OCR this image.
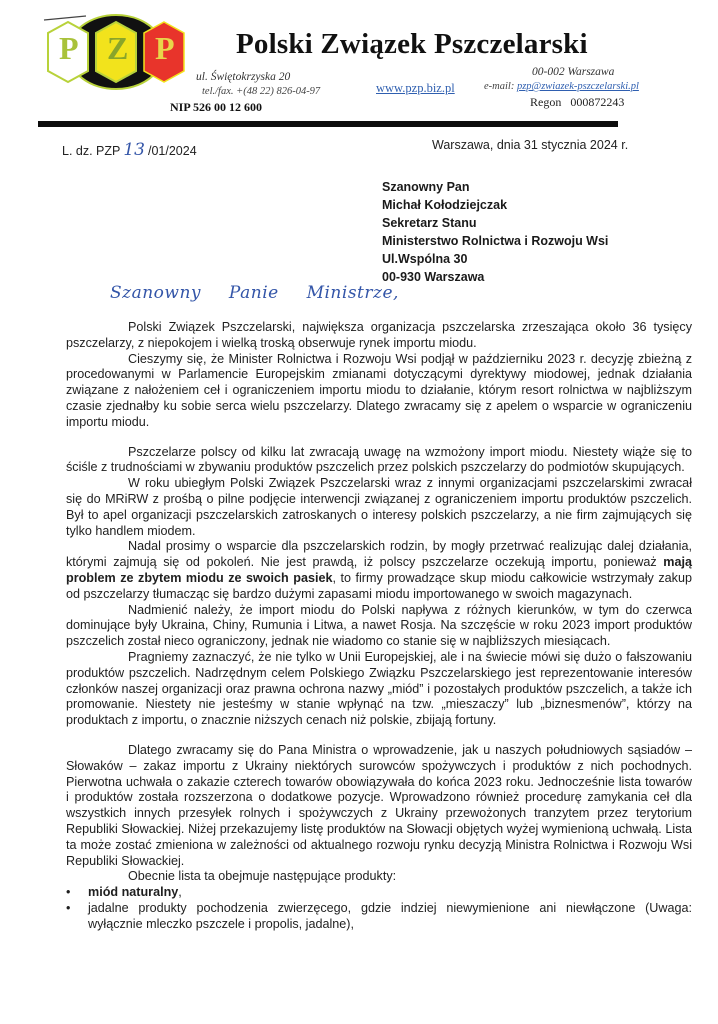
P Z P Polski Związek Pszczelarski
ul. Świętokrzyska 20
tel./fax. +(48 22) 826-04-97
NIP 526 00 12 600
www.pzp.biz.pl
00-002 Warszawa
e-mail: pzp@zwiazek-pszczelarski.pl
Regon   000872243
L. dz. PZP 13 /01/2024	Warszawa, dnia 31 stycznia 2024 r.
Szanowny Pan
Michał Kołodziejczak
Sekretarz Stanu
Ministerstwo Rolnictwa i Rozwoju Wsi
Ul.Wspólna 30
00-930 Warszawa
Szanowny Panie Ministrze,

Polski Związek Pszczelarski, największa organizacja pszczelarska zrzeszająca około 36 tysięcy pszczelarzy, z niepokojem i wielką troską obserwuje rynek importu miodu.

Cieszymy się, że Minister Rolnictwa i Rozwoju Wsi podjął w październiku 2023 r. decyzję zbieżną z procedowanymi w Parlamencie Europejskim zmianami dotyczącymi dyrektywy miodowej, jednak działania związane z nałożeniem ceł i ograniczeniem importu miodu to działanie, którym resort rolnictwa w najbliższym czasie zjednałby ku sobie serca wielu pszczelarzy. Dlatego zwracamy się z apelem o wsparcie w ograniczeniu importu miodu.

Pszczelarze polscy od kilku lat zwracają uwagę na wzmożony import miodu. Niestety wiąże się to ściśle z trudnościami w zbywaniu produktów pszczelich przez polskich pszczelarzy do podmiotów skupujących.

W roku ubiegłym Polski Związek Pszczelarski wraz z innymi organizacjami pszczelarskimi zwracał się do MRiRW z prośbą o pilne podjęcie interwencji związanej z ograniczeniem importu produktów pszczelich. Był to apel organizacji pszczelarskich zatroskanych o interesy polskich pszczelarzy, a nie firm zajmujących się tylko handlem miodem.

Nadal prosimy o wsparcie dla pszczelarskich rodzin, by mogły przetrwać realizując dalej działania, którymi zajmują się od pokoleń. Nie jest prawdą, iż polscy pszczelarze oczekują importu, ponieważ mają problem ze zbytem miodu ze swoich pasiek, to firmy prowadzące skup miodu całkowicie wstrzymały zakup od pszczelarzy tłumacząc się bardzo dużymi zapasami miodu importowanego w swoich magazynach.

Nadmienić należy, że import miodu do Polski napływa z różnych kierunków, w tym do czerwca dominujące były Ukraina, Chiny, Rumunia i Litwa, a nawet Rosja. Na szczęście w roku 2023 import produktów pszczelich został nieco ograniczony, jednak nie wiadomo co stanie się w najbliższych miesiącach.

Pragniemy zaznaczyć, że nie tylko w Unii Europejskiej, ale i na świecie mówi się dużo o fałszowaniu produktów pszczelich. Nadrzędnym celem Polskiego Związku Pszczelarskiego jest reprezentowanie interesów członków naszej organizacji oraz prawna ochrona nazwy „miód” i pozostałych produktów pszczelich, a także ich promowanie. Niestety nie jesteśmy w stanie wpłynąć na tzw. „mieszaczy” lub „biznesmenów”, którzy na produktach z importu, o znacznie niższych cenach niż polskie, zbijają fortuny.

Dlatego zwracamy się do Pana Ministra o wprowadzenie, jak u naszych południowych sąsiadów – Słowaków – zakaz importu z Ukrainy niektórych surowców spożywczych i produktów z nich pochodnych. Pierwotna uchwała o zakazie czterech towarów obowiązywała do końca 2023 roku. Jednocześnie lista towarów i produktów została rozszerzona o dodatkowe pozycje. Wprowadzono również procedurę zamykania ceł dla wszystkich innych przesyłek rolnych i spożywczych z Ukrainy przewożonych tranzytem przez terytorium Republiki Słowackiej. Niżej przekazujemy listę produktów na Słowacji objętych wyżej wymienioną uchwałą. Lista ta może zostać zmieniona w zależności od aktualnego rozwoju rynku decyzją Ministra Rolnictwa i Rozwoju Wsi Republiki Słowackiej.

Obecnie lista ta obejmuje następujące produkty:

• miód naturalny,
• jadalne produkty pochodzenia zwierzęcego, gdzie indziej niewymienione ani niewłączone (Uwaga: wyłącznie mleczko pszczele i propolis, jadalne),
